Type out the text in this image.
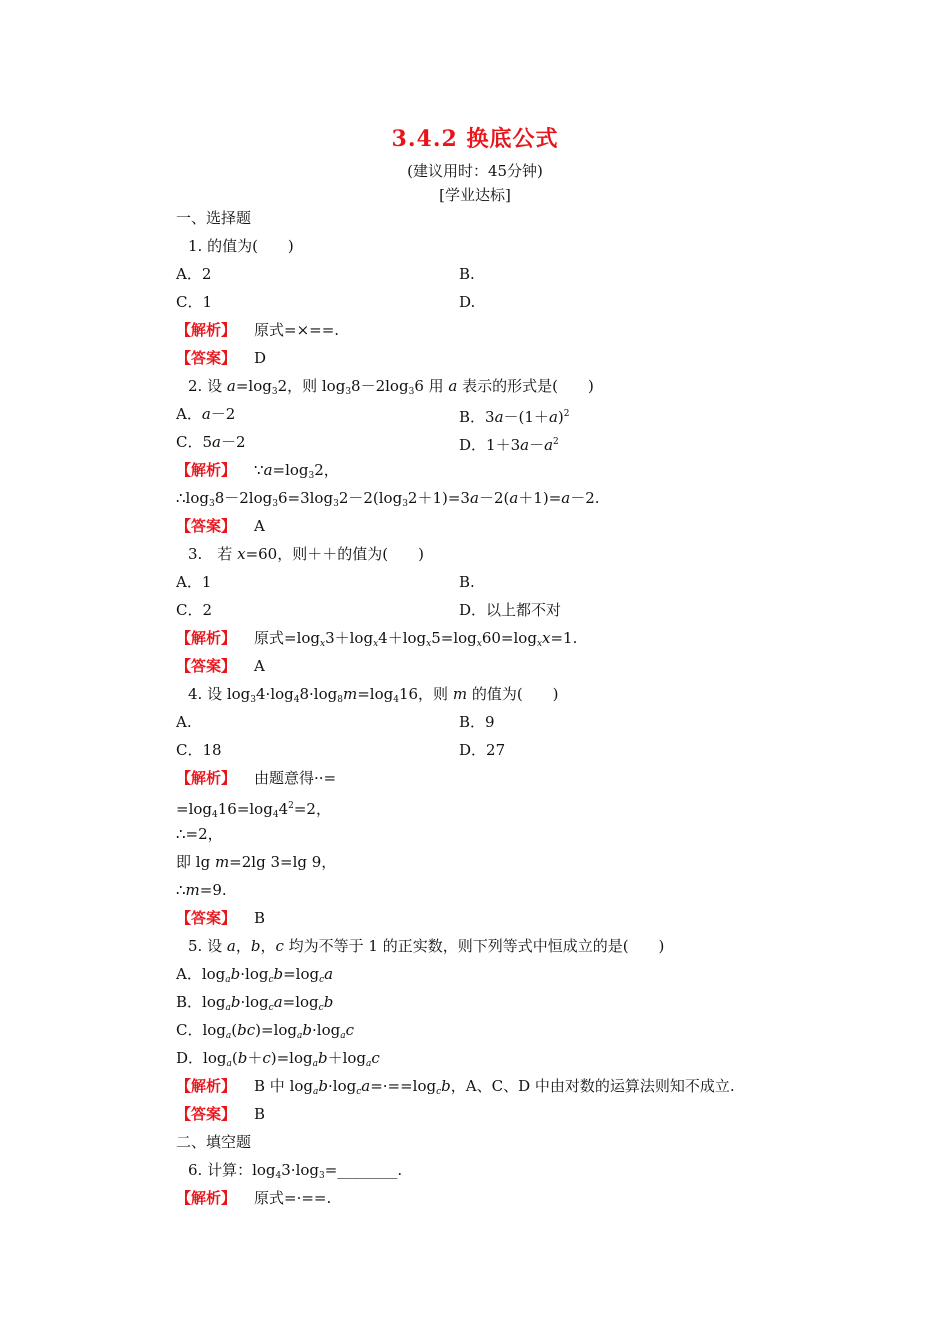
3.4.2 换底公式
(建议用时：45分钟)
[学业达标]
一、选择题
1. 的值为(　　)
A．2	B.
C．1	D.
【解析】 原式=×==.
【答案】 D
2. 设 $a=\log_32$，则 $\log_38-2\log_36$ 用 a 表示的形式是(　　)
A．a－2	B．$3a-(1+a)^2$
C．5a－2	D．$1+3a-a^2$
【解析】 $\because a=\log_32$，
$\therefore\log_38-2\log_36=3\log_32-2(\log_32+1)=3a-2(a+1)=a-2$.
【答案】 A
3.　若 x=60，则＋＋的值为(　　)
A．1	B.
C．2	D．以上都不对
【解析】 原式$=\log_x3+\log_x4+\log_x5=\log_x60=\log_xx=1$.
【答案】 A
4. 设 $\log_34\cdot\log_48\cdot\log_8m=\log_416$，则 m 的值为(　　)
A.	B．9
C．18	D．27
【解析】 由题意得··=
$=\log_416=\log_44^2=2$，
∴=2，
即 lg m=2lg 3=lg 9，
∴m=9.
【答案】 B
5. 设 a，b，c 均为不等于 1 的正实数，则下列等式中恒成立的是(　　)
A．$\log_ab\cdot\log_cb=\log_ca$
B．$\log_ab\cdot\log_ca=\log_cb$
C．$\log_a(bc)=\log_ab\cdot\log_ac$
D．$\log_a(b+c)=\log_ab+\log_ac$
【解析】 B 中 $\log_ab\cdot\log_ca=\cdot==\log_cb$，A、C、D 中由对数的运算法则知不成立.
【答案】 B
二、填空题
6. 计算：$\log_43\cdot\log_3=\_\_\_\_\_\_\_\_$.
【解析】 原式=·==.
